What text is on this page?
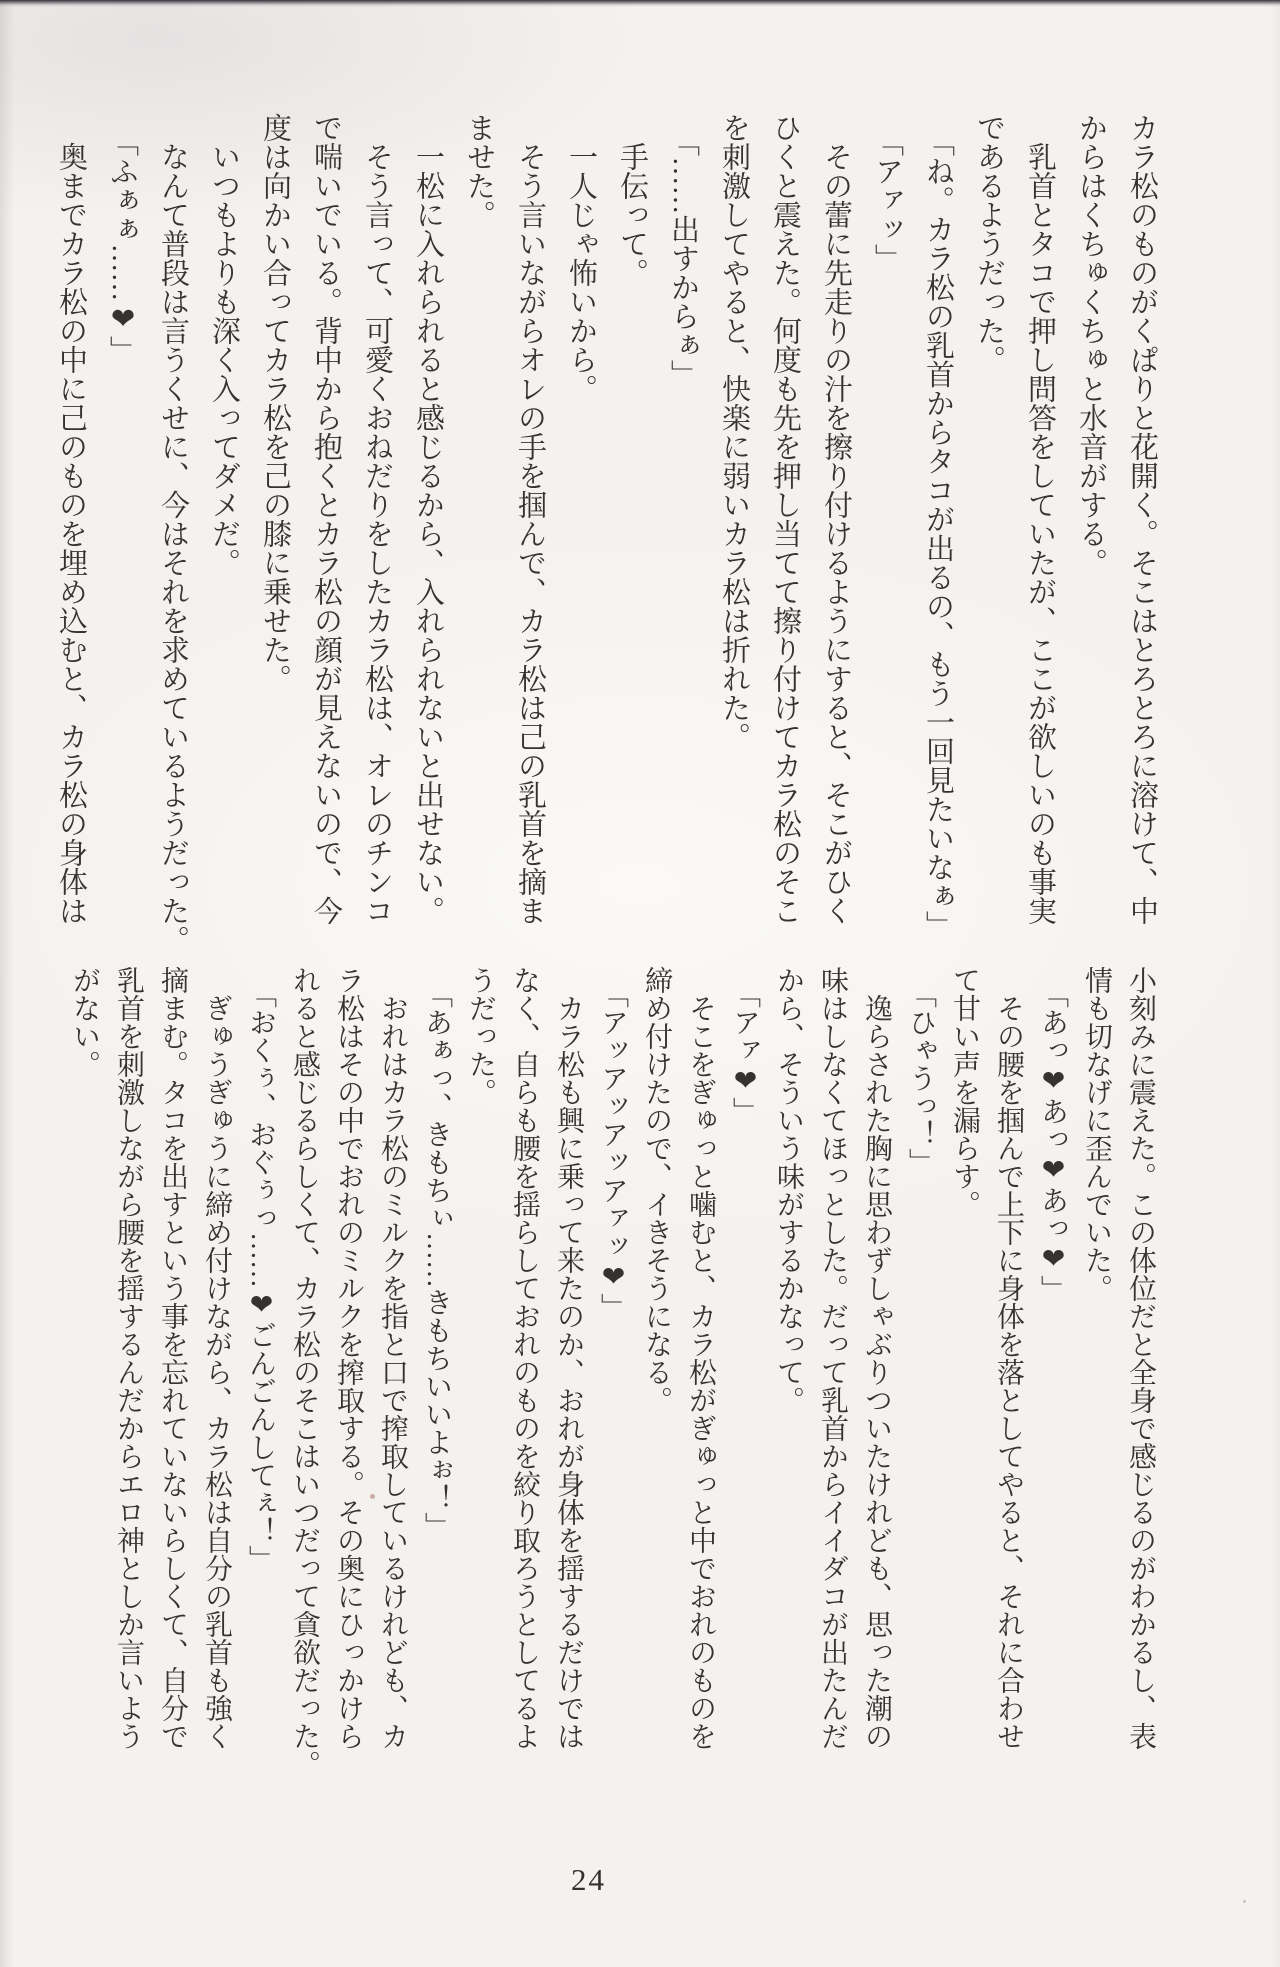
カラ松のものがくぱりと花開く。そこはとろとろに溶けて、中
からはくちゅくちゅと水音がする。
　乳首とタコで押し問答をしていたが、ここが欲しいのも事実
であるようだった。
　「ね。カラ松の乳首からタコが出るの、もう一回見たいなぁ」
　「アァッ」
　その蕾に先走りの汁を擦り付けるようにすると、そこがひく
ひくと震えた。何度も先を押し当てて擦り付けてカラ松のそこ
を刺激してやると、快楽に弱いカラ松は折れた。
　「……出すからぁ」
　手伝って。
　一人じゃ怖いから。
　そう言いながらオレの手を掴んで、カラ松は己の乳首を摘ま
ませた。
　一松に入れられると感じるから、入れられないと出せない。
　そう言って、可愛くおねだりをしたカラ松は、オレのチンコ
で喘いでいる。背中から抱くとカラ松の顔が見えないので、今
度は向かい合ってカラ松を己の膝に乗せた。
　いつもよりも深く入ってダメだ。
　なんて普段は言うくせに、今はそれを求めているようだった。
　「ふぁぁ……❤」
　奥までカラ松の中に己のものを埋め込むと、カラ松の身体は
小刻みに震えた。この体位だと全身で感じるのがわかるし、表
情も切なげに歪んでいた。
　「あっ❤あっ❤あっ❤」
　その腰を掴んで上下に身体を落としてやると、それに合わせ
て甘い声を漏らす。
　「ひゃうっ！」
　逸らされた胸に思わずしゃぶりついたけれども、思った潮の
味はしなくてほっとした。だって乳首からイイダコが出たんだ
から、そういう味がするかなって。
　「アァ❤」
　そこをぎゅっと噛むと、カラ松がぎゅっと中でおれのものを
締め付けたので、イきそうになる。
　「アッアッアッアァッ❤」
　カラ松も興に乗って来たのか、おれが身体を揺するだけでは
なく、自らも腰を揺らしておれのものを絞り取ろうとしてるよ
うだった。
　「あぁっ、きもちぃ……きもちいいよぉ！」
　おれはカラ松のミルクを指と口で搾取しているけれども、カ
ラ松はその中でおれのミルクを搾取する。その奥にひっかけら
れると感じるらしくて、カラ松のそこはいつだって貪欲だった。
　「おくぅ、おぐぅっ……❤ごんごんしてぇ！」
　ぎゅうぎゅうに締め付けながら、カラ松は自分の乳首も強く
摘まむ。タコを出すという事を忘れていないらしくて、自分で
乳首を刺激しながら腰を揺するんだからエロ神としか言いよう
がない。
24
